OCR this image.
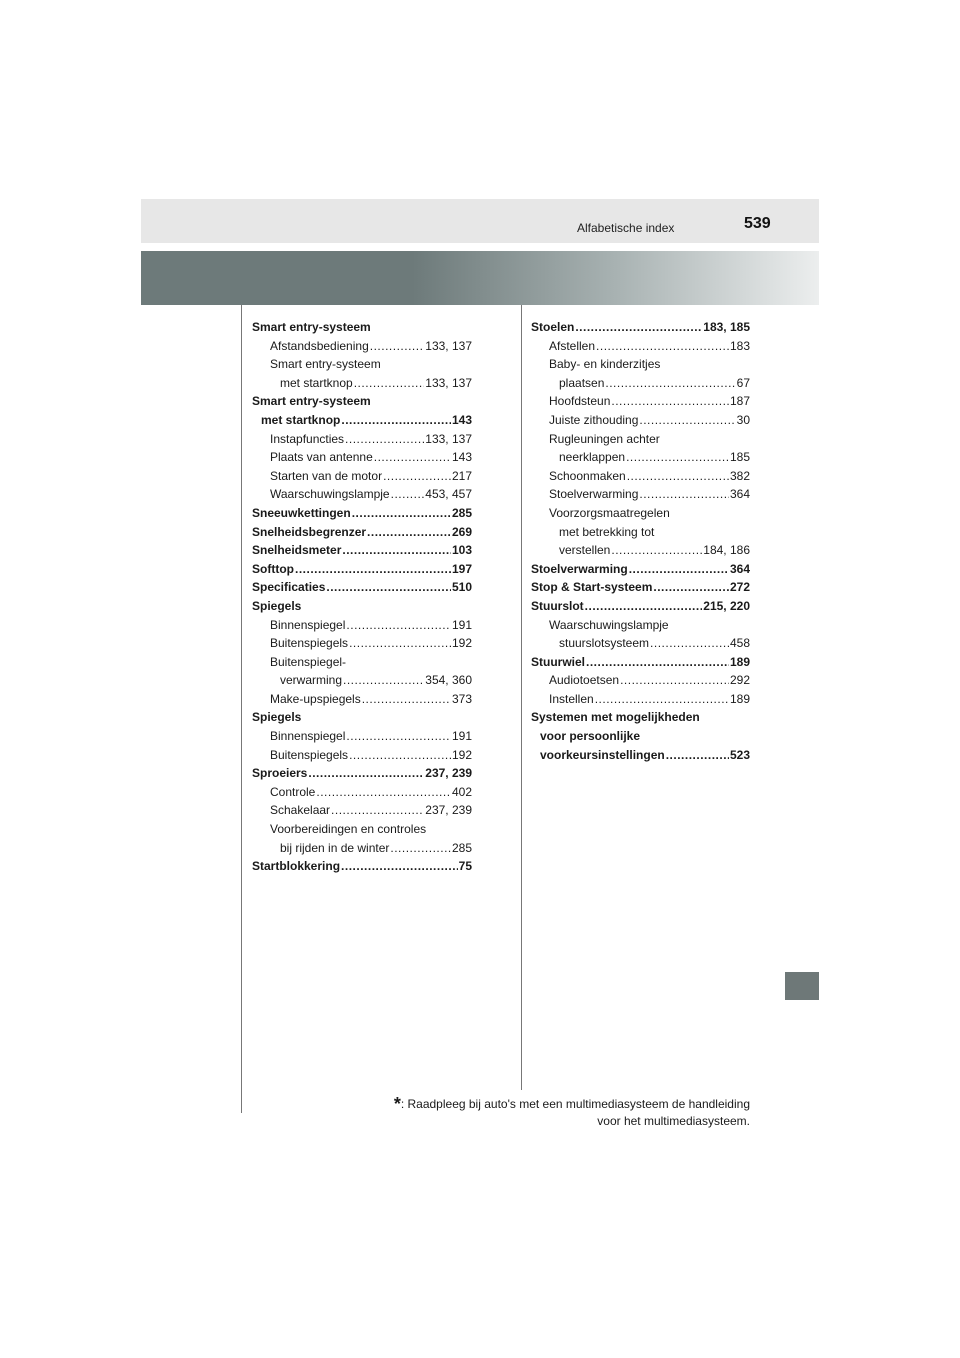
Alfabetische index	539
Smart entry-systeem
Afstandsbediening .....	133, 137
Smart entry-systeem
met startknop .....	133, 137
Smart entry-systeem
met startknop .....	143
Instapfuncties .....	133, 137
Plaats van antenne .....	143
Starten van de motor .....	217
Waarschuwingslampje .....	453, 457
Sneeuwkettingen .....	285
Snelheidsbegrenzer .....	269
Snelheidsmeter .....	103
Softtop .....	197
Specificaties .....	510
Spiegels
Binnenspiegel .....	191
Buitenspiegels .....	192
Buitenspiegel-
verwarming .....	354, 360
Make-upspiegels .....	373
Spiegels
Binnenspiegel .....	191
Buitenspiegels .....	192
Sproeiers .....	237, 239
Controle .....	402
Schakelaar .....	237, 239
Voorbereidingen en controles
bij rijden in de winter .....	285
Startblokkering .....	75
Stoelen .....	183, 185
Afstellen .....	183
Baby- en kinderzitjes
plaatsen .....	67
Hoofdsteun .....	187
Juiste zithouding .....	30
Rugleuningen achter
neerklappen .....	185
Schoonmaken .....	382
Stoelverwarming .....	364
Voorzorgsmaatregelen
met betrekking tot
verstellen .....	184, 186
Stoelverwarming .....	364
Stop & Start-systeem .....	272
Stuurslot .....	215, 220
Waarschuwingslampje
stuurslotsysteem .....	458
Stuurwiel .....	189
Audiotoetsen .....	292
Instellen .....	189
Systemen met mogelijkheden
voor persoonlijke
voorkeursinstellingen .....	523
*: Raadpleeg bij auto's met een multimediasysteem de handleiding
voor het multimediasysteem.
